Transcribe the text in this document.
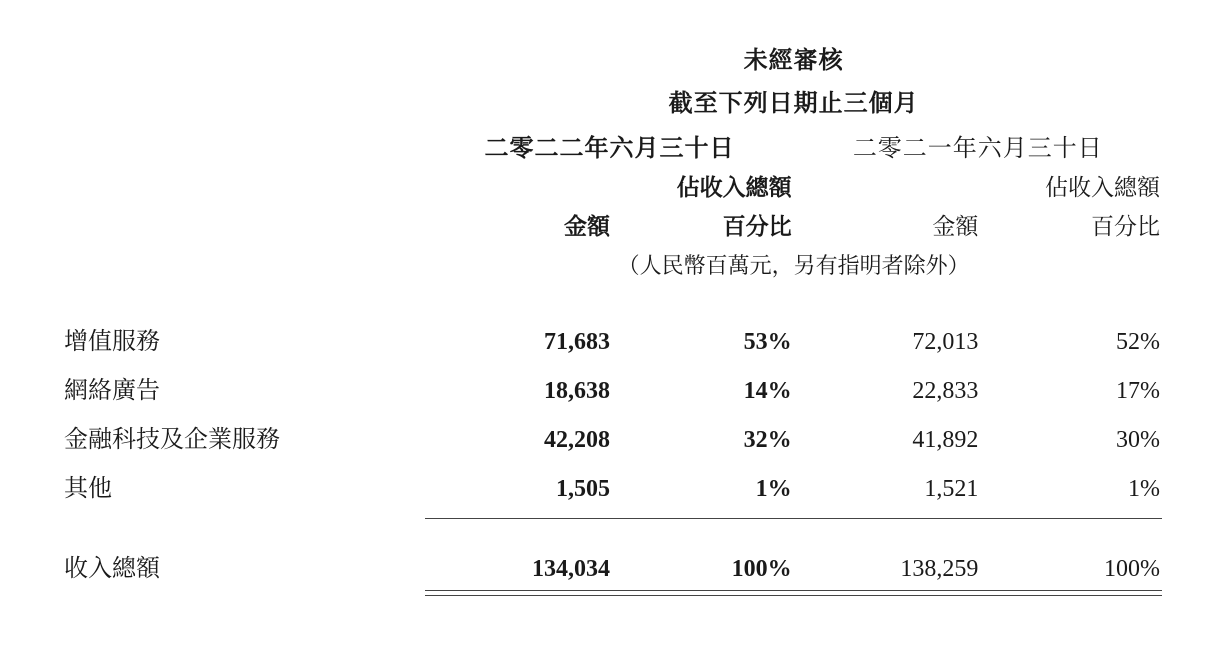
	未經審核			
	截至下列日期止三個月			
	二零二二年六月三十日		二零二一年六月三十日	
		佔收入總額		佔收入總額
	金額	百分比	金額	百分比
	（人民幣百萬元，另有指明者除外）			
增值服務	71,683	53%	72,013	52%
網絡廣告	18,638	14%	22,833	17%
金融科技及企業服務	42,208	32%	41,892	30%
其他	1,505	1%	1,521	1%

收入總額	134,034	100%	138,259	100%
